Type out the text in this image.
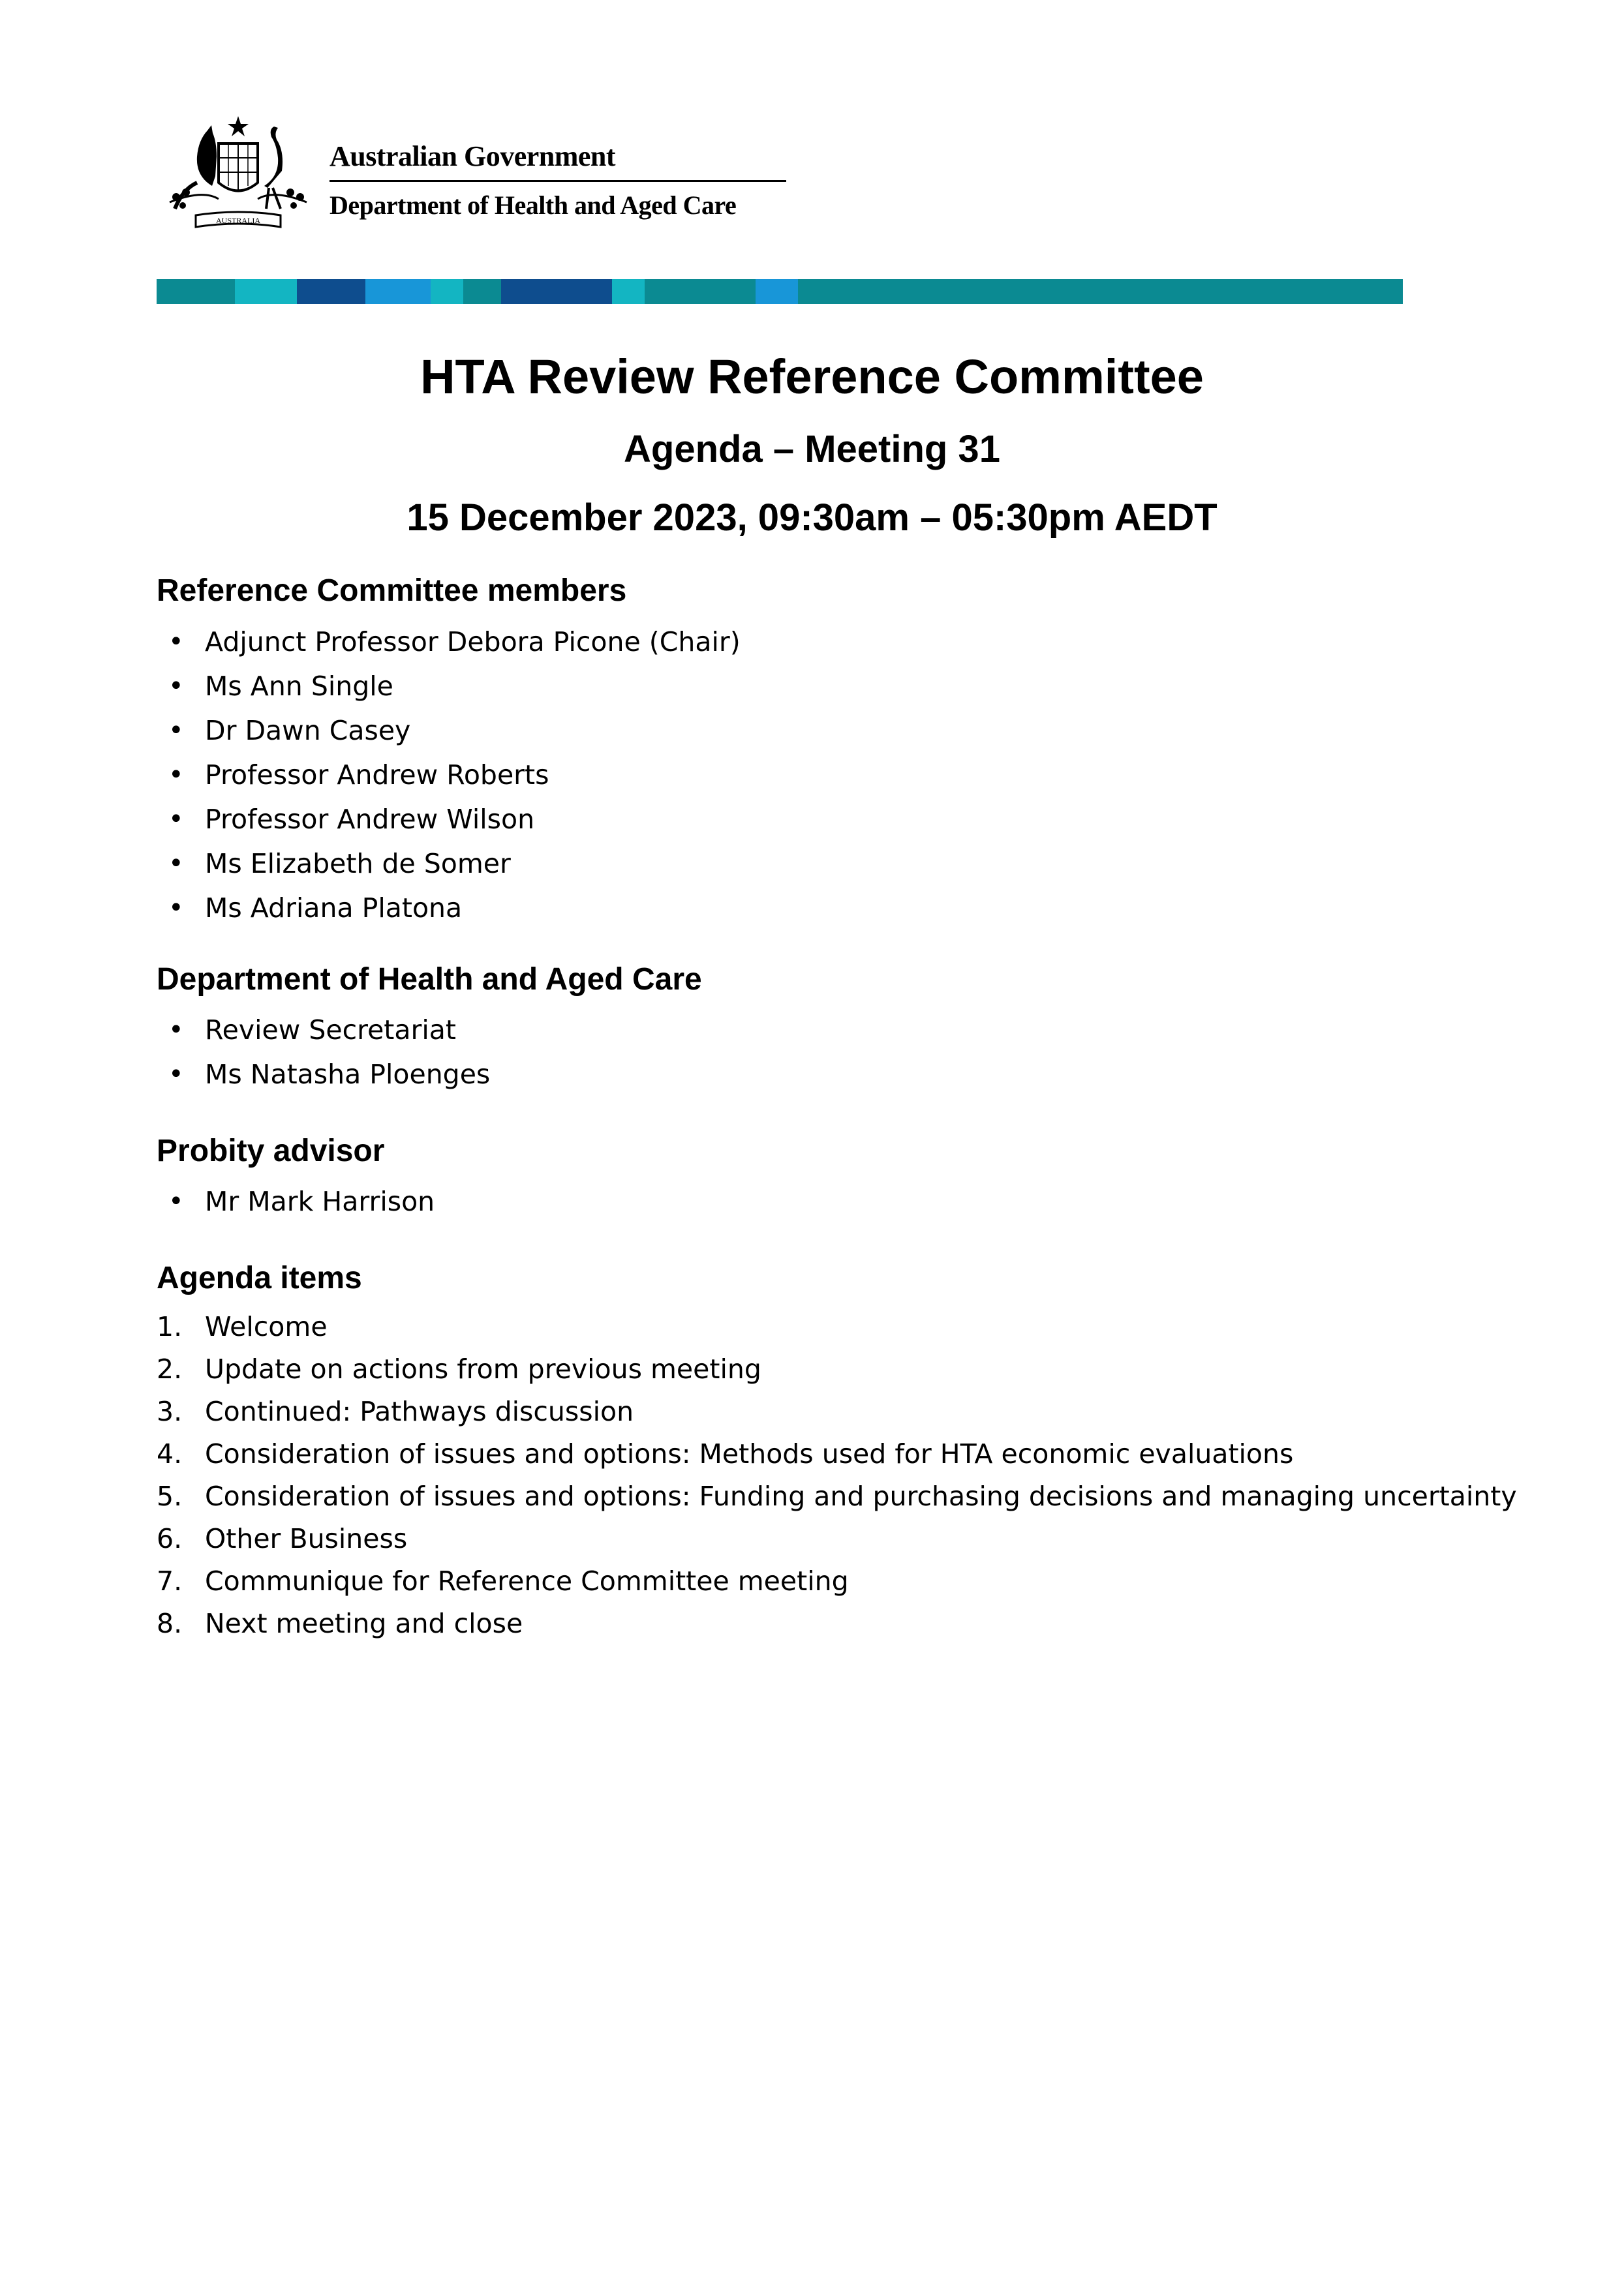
AUSTRALIA
Australian Government
Department of Health and Aged Care
HTA Review Reference Committee
Agenda – Meeting 31
15 December 2023, 09:30am – 05:30pm AEDT
Reference Committee members
• Adjunct Professor Debora Picone (Chair)
• Ms Ann Single
• Dr Dawn Casey
• Professor Andrew Roberts
• Professor Andrew Wilson
• Ms Elizabeth de Somer
• Ms Adriana Platona
Department of Health and Aged Care
• Review Secretariat
• Ms Natasha Ploenges
Probity advisor
• Mr Mark Harrison
Agenda items
1. Welcome
2. Update on actions from previous meeting
3. Continued: Pathways discussion
4. Consideration of issues and options: Methods used for HTA economic evaluations
5. Consideration of issues and options: Funding and purchasing decisions and managing uncertainty
6. Other Business
7. Communique for Reference Committee meeting
8. Next meeting and close
